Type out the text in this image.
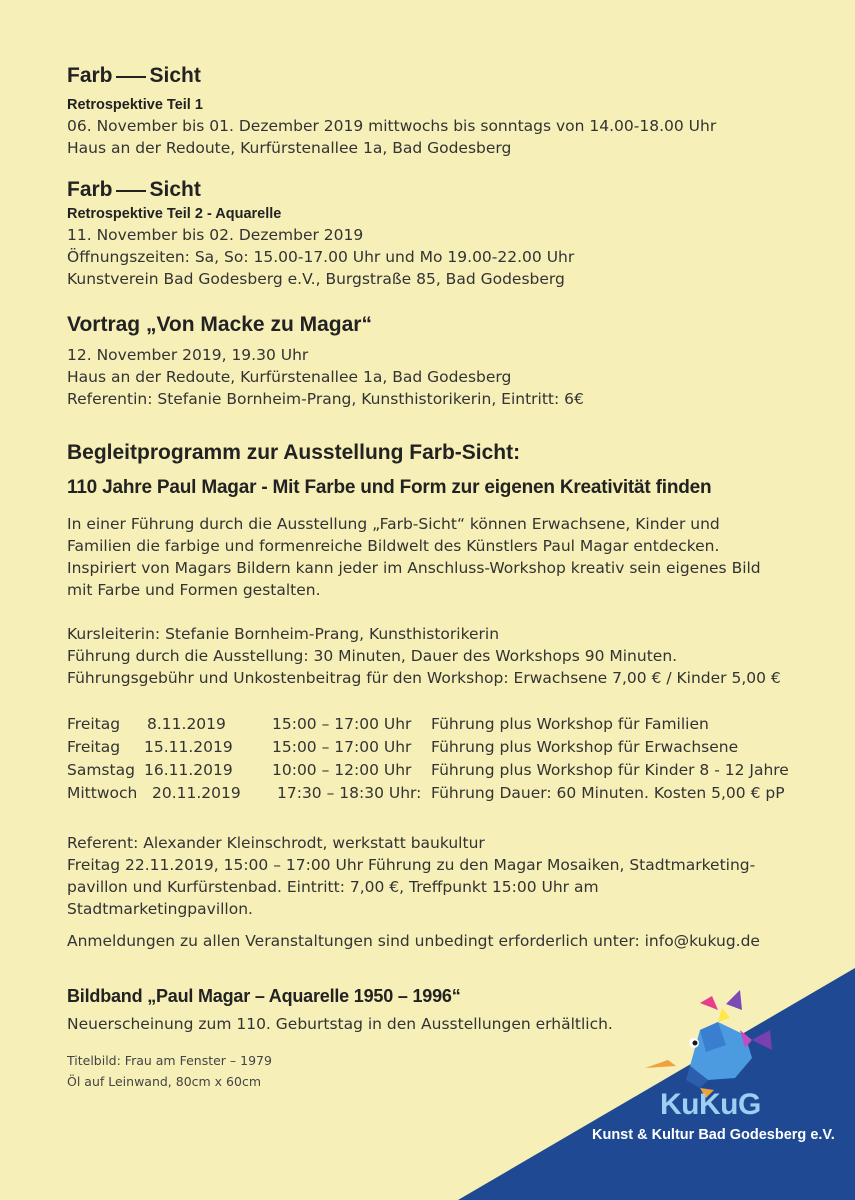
KuKuG
Kunst & Kultur Bad Godesberg e.V.
Farb Sicht

Retrospektive Teil 1

06. November bis 01. Dezember 2019 mittwochs bis sonntags von 14.00-18.00 Uhr

Haus an der Redoute, Kurfürstenallee 1a, Bad Godesberg

Farb Sicht

Retrospektive Teil 2 - Aquarelle

11. November bis 02. Dezember 2019

Öffnungszeiten: Sa, So: 15.00-17.00 Uhr und Mo 19.00-22.00 Uhr

Kunstverein Bad Godesberg e.V., Burgstraße 85, Bad Godesberg

Vortrag „Von Macke zu Magar“

12. November 2019, 19.30 Uhr

Haus an der Redoute, Kurfürstenallee 1a, Bad Godesberg

Referentin: Stefanie Bornheim-Prang, Kunsthistorikerin, Eintritt: 6€

Begleitprogramm zur Ausstellung Farb-Sicht:
110 Jahre Paul Magar - Mit Farbe und Form zur eigenen Kreativität finden

In einer Führung durch die Ausstellung „Farb-Sicht“ können Erwachsene, Kinder und

Familien die farbige und formenreiche Bildwelt des Künstlers Paul Magar entdecken.

Inspiriert von Magars Bildern kann jeder im Anschluss-Workshop kreativ sein eigenes Bild

mit Farbe und Formen gestalten.

Kursleiterin: Stefanie Bornheim-Prang, Kunsthistorikerin

Führung durch die Ausstellung: 30 Minuten, Dauer des Workshops 90 Minuten.

Führungsgebühr und Unkostenbeitrag für den Workshop: Erwachsene 7,00 € / Kinder 5,00 €

Freitag 8.11.2019	15:00 – 17:00 Uhr Führung plus Workshop für Familien
Freitag 15.11.2019	15:00 – 17:00 Uhr Führung plus Workshop für Erwachsene
Samstag 16.11.2019	10:00 – 12:00 Uhr Führung plus Workshop für Kinder 8 - 12 Jahre
Mittwoch 20.11.2019 17:30 – 18:30 Uhr: Führung Dauer: 60 Minuten. Kosten 5,00 € pP

Referent: Alexander Kleinschrodt, werkstatt baukultur

Freitag 22.11.2019, 15:00 – 17:00 Uhr Führung zu den Magar Mosaiken, Stadtmarketing-

pavillon und Kurfürstenbad. Eintritt: 7,00 €, Treffpunkt 15:00 Uhr am Stadtmarketingpavillon.

Anmeldungen zu allen Veranstaltungen sind unbedingt erforderlich unter: info@kukug.de

Bildband „Paul Magar – Aquarelle 1950 – 1996“

Neuerscheinung zum 110. Geburtstag in den Ausstellungen erhältlich.

Titelbild: Frau am Fenster – 1979

Öl auf Leinwand, 80cm x 60cm
